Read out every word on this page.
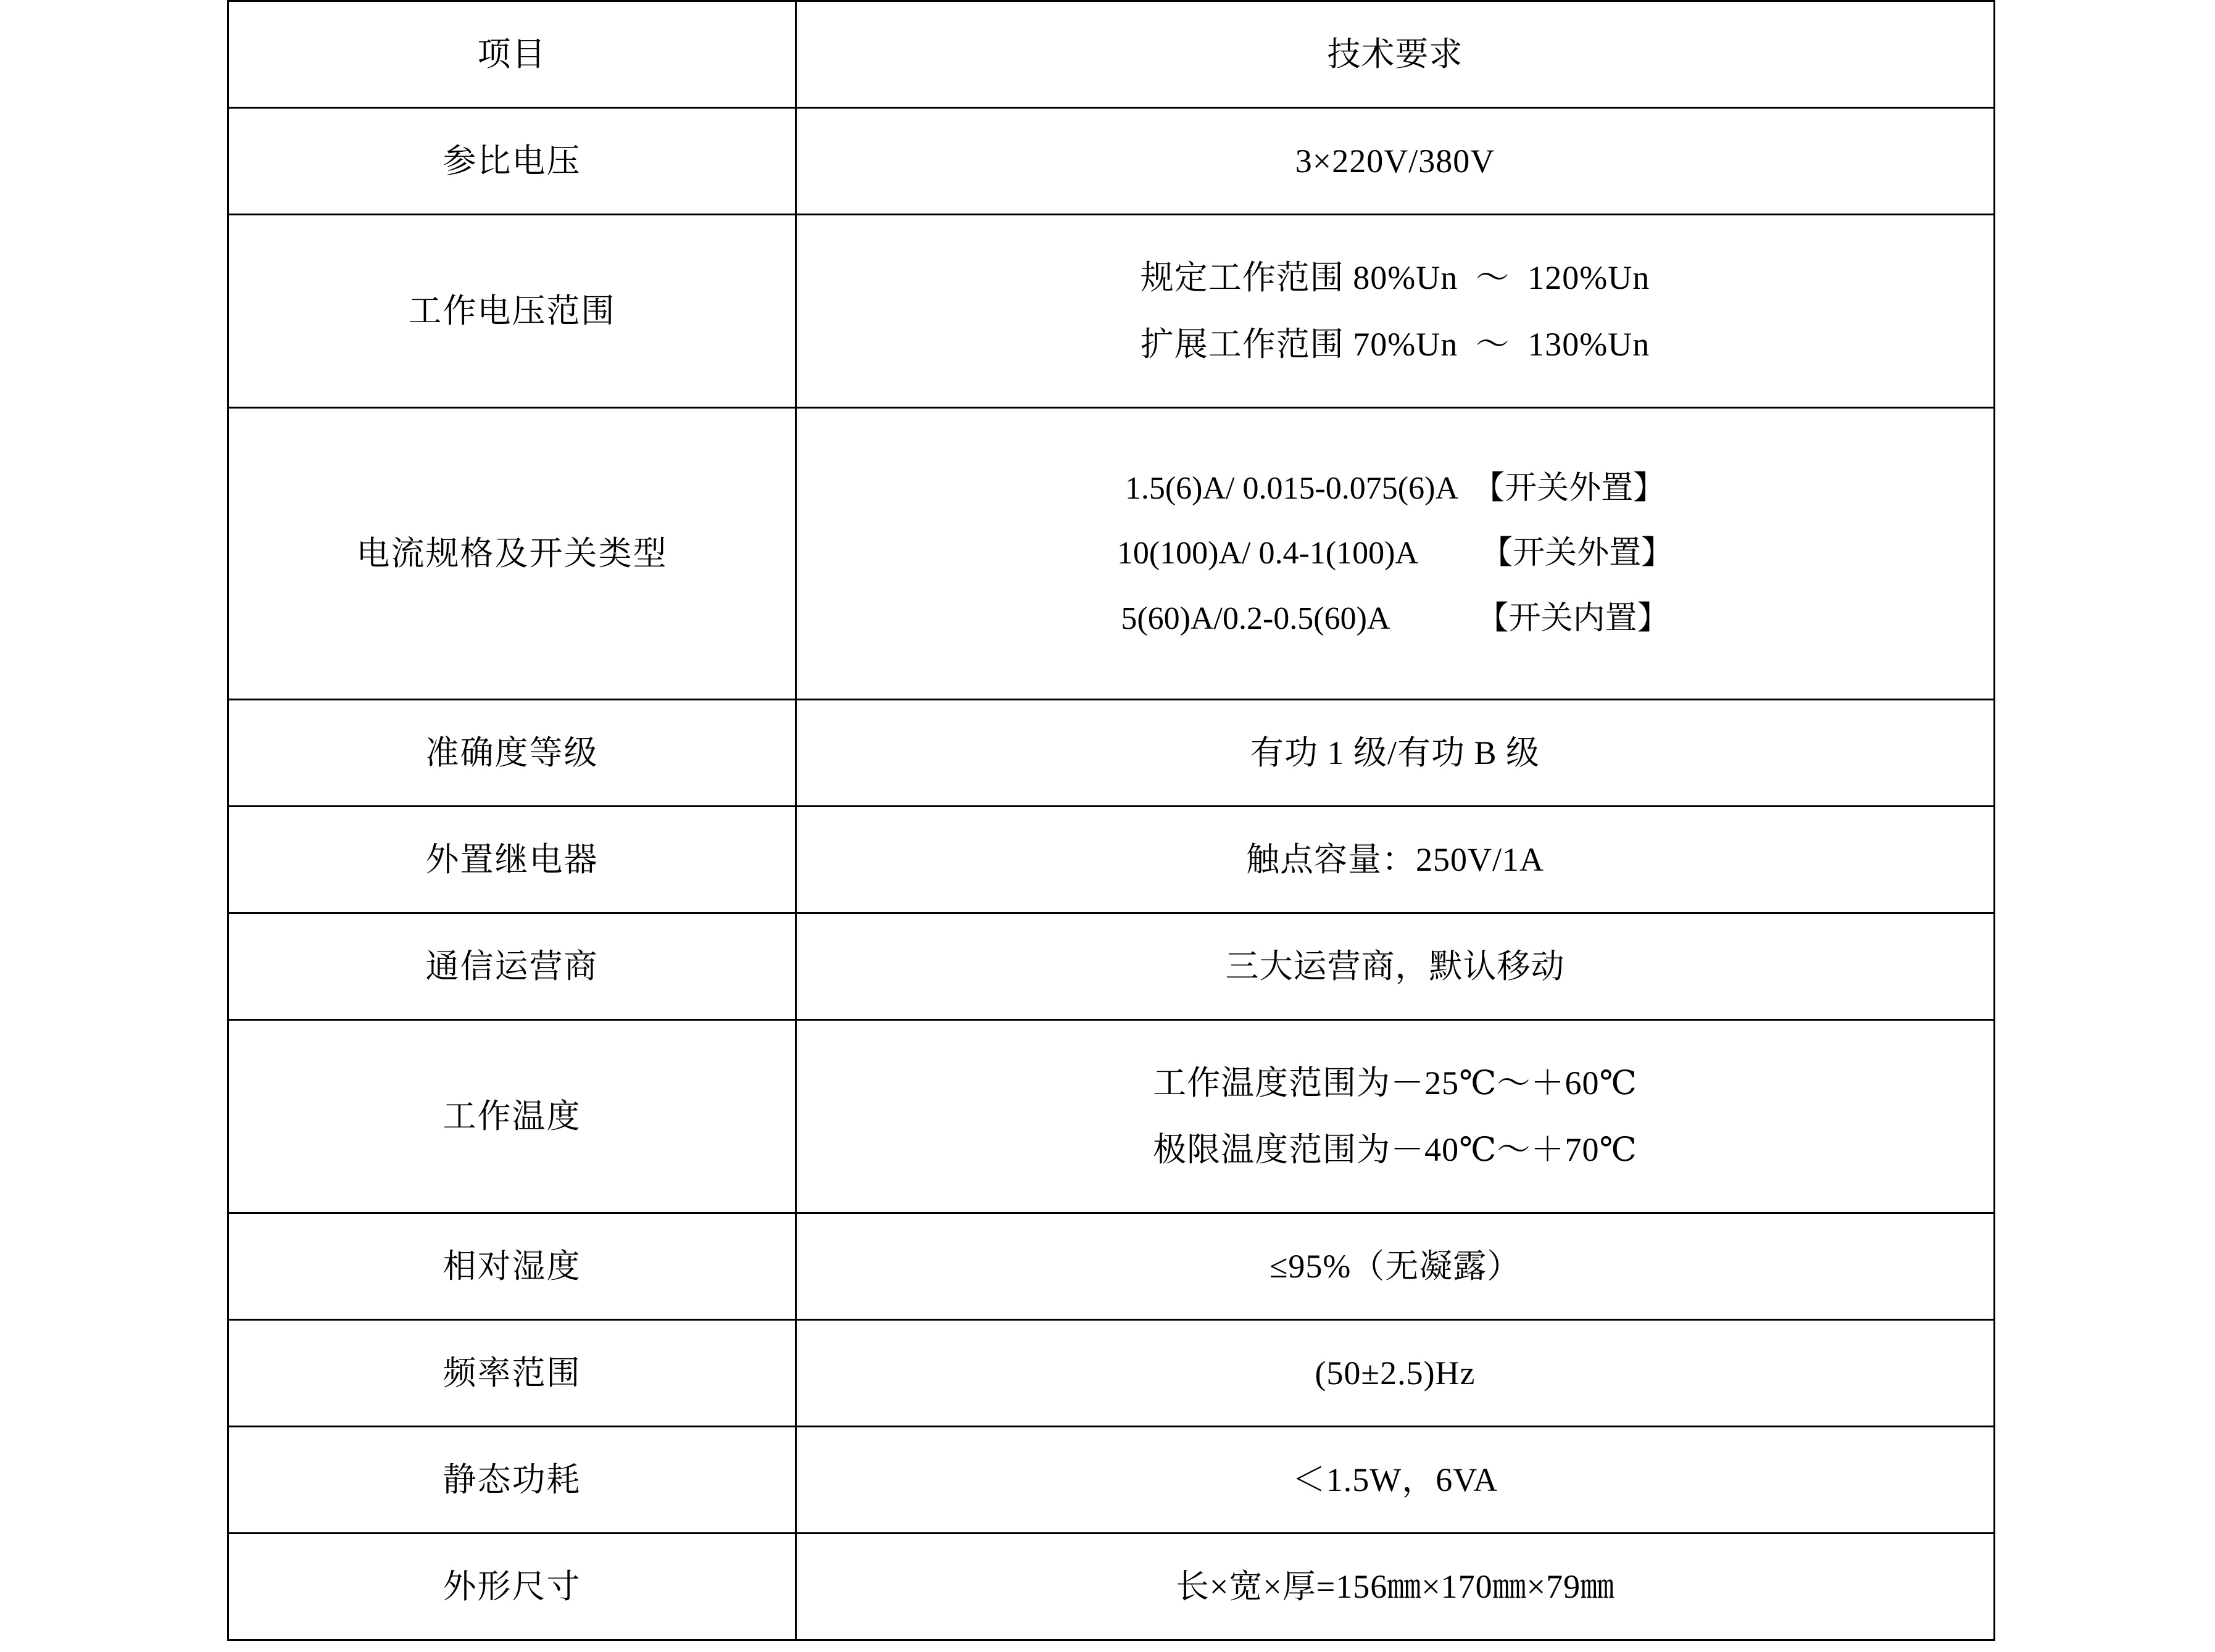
项目	技术要求
参比电压	3×220V/380V
工作电压范围	规定工作范围 80%Un  ～  120%Un
扩展工作范围 70%Un  ～  130%Un

电流规格及开关类型	1.5(6)A/ 0.015-0.075(6)A  【开关外置】
10(100)A/ 0.4-1(100)A        【开关外置】
5(60)A/0.2-0.5(60)A           【开关内置】

准确度等级	有功 1 级/有功 B 级
外置继电器	触点容量：250V/1A
通信运营商	三大运营商，默认移动
工作温度	工作温度范围为－25℃～＋60℃
极限温度范围为－40℃～＋70℃

相对湿度	≤95%（无凝露）
频率范围	(50±2.5)Hz
静态功耗	＜1.5W，6VA
外形尺寸	长×宽×厚=156㎜×170㎜×79㎜
